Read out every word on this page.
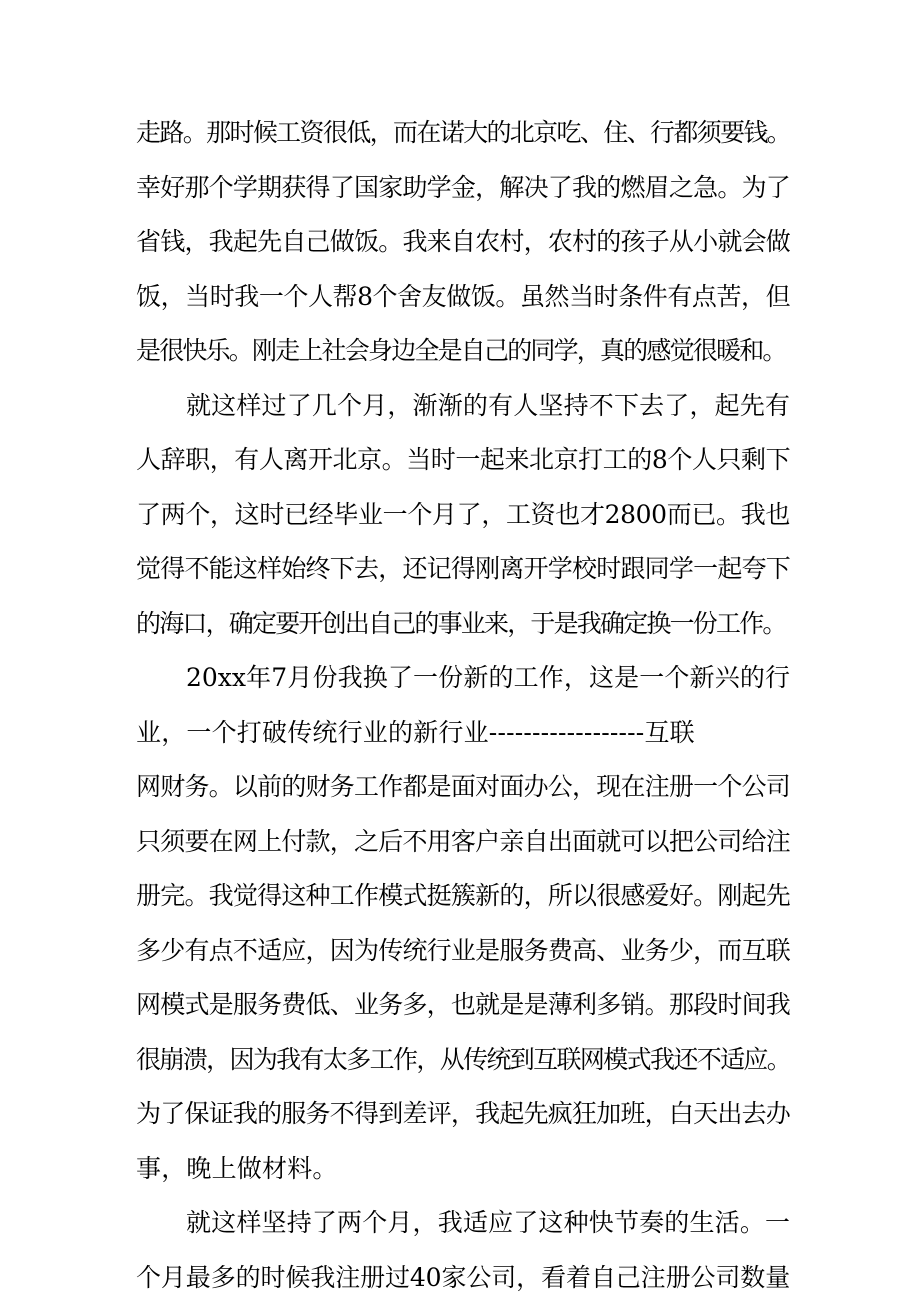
走路。那时候工资很低，而在诺大的北京吃、住、行都须要钱。
幸好那个学期获得了国家助学金，解决了我的燃眉之急。为了
省钱，我起先自己做饭。我来自农村，农村的孩子从小就会做
饭，当时我一个人帮8个舍友做饭。虽然当时条件有点苦，但
是很快乐。刚走上社会身边全是自己的同学，真的感觉很暖和。
就这样过了几个月，渐渐的有人坚持不下去了，起先有
人辞职，有人离开北京。当时一起来北京打工的8个人只剩下
了两个，这时已经毕业一个月了，工资也才2800而已。我也
觉得不能这样始终下去，还记得刚离开学校时跟同学一起夸下
的海口，确定要开创出自己的事业来，于是我确定换一份工作。
20xx年7月份我换了一份新的工作，这是一个新兴的行
业，一个打破传统行业的新行业------------------互联
网财务。以前的财务工作都是面对面办公，现在注册一个公司
只须要在网上付款，之后不用客户亲自出面就可以把公司给注
册完。我觉得这种工作模式挺簇新的，所以很感爱好。刚起先
多少有点不适应，因为传统行业是服务费高、业务少，而互联
网模式是服务费低、业务多，也就是是薄利多销。那段时间我
很崩溃，因为我有太多工作，从传统到互联网模式我还不适应。
为了保证我的服务不得到差评，我起先疯狂加班，白天出去办
事，晚上做材料。
就这样坚持了两个月，我适应了这种快节奏的生活。一
个月最多的时候我注册过40家公司，看着自己注册公司数量
